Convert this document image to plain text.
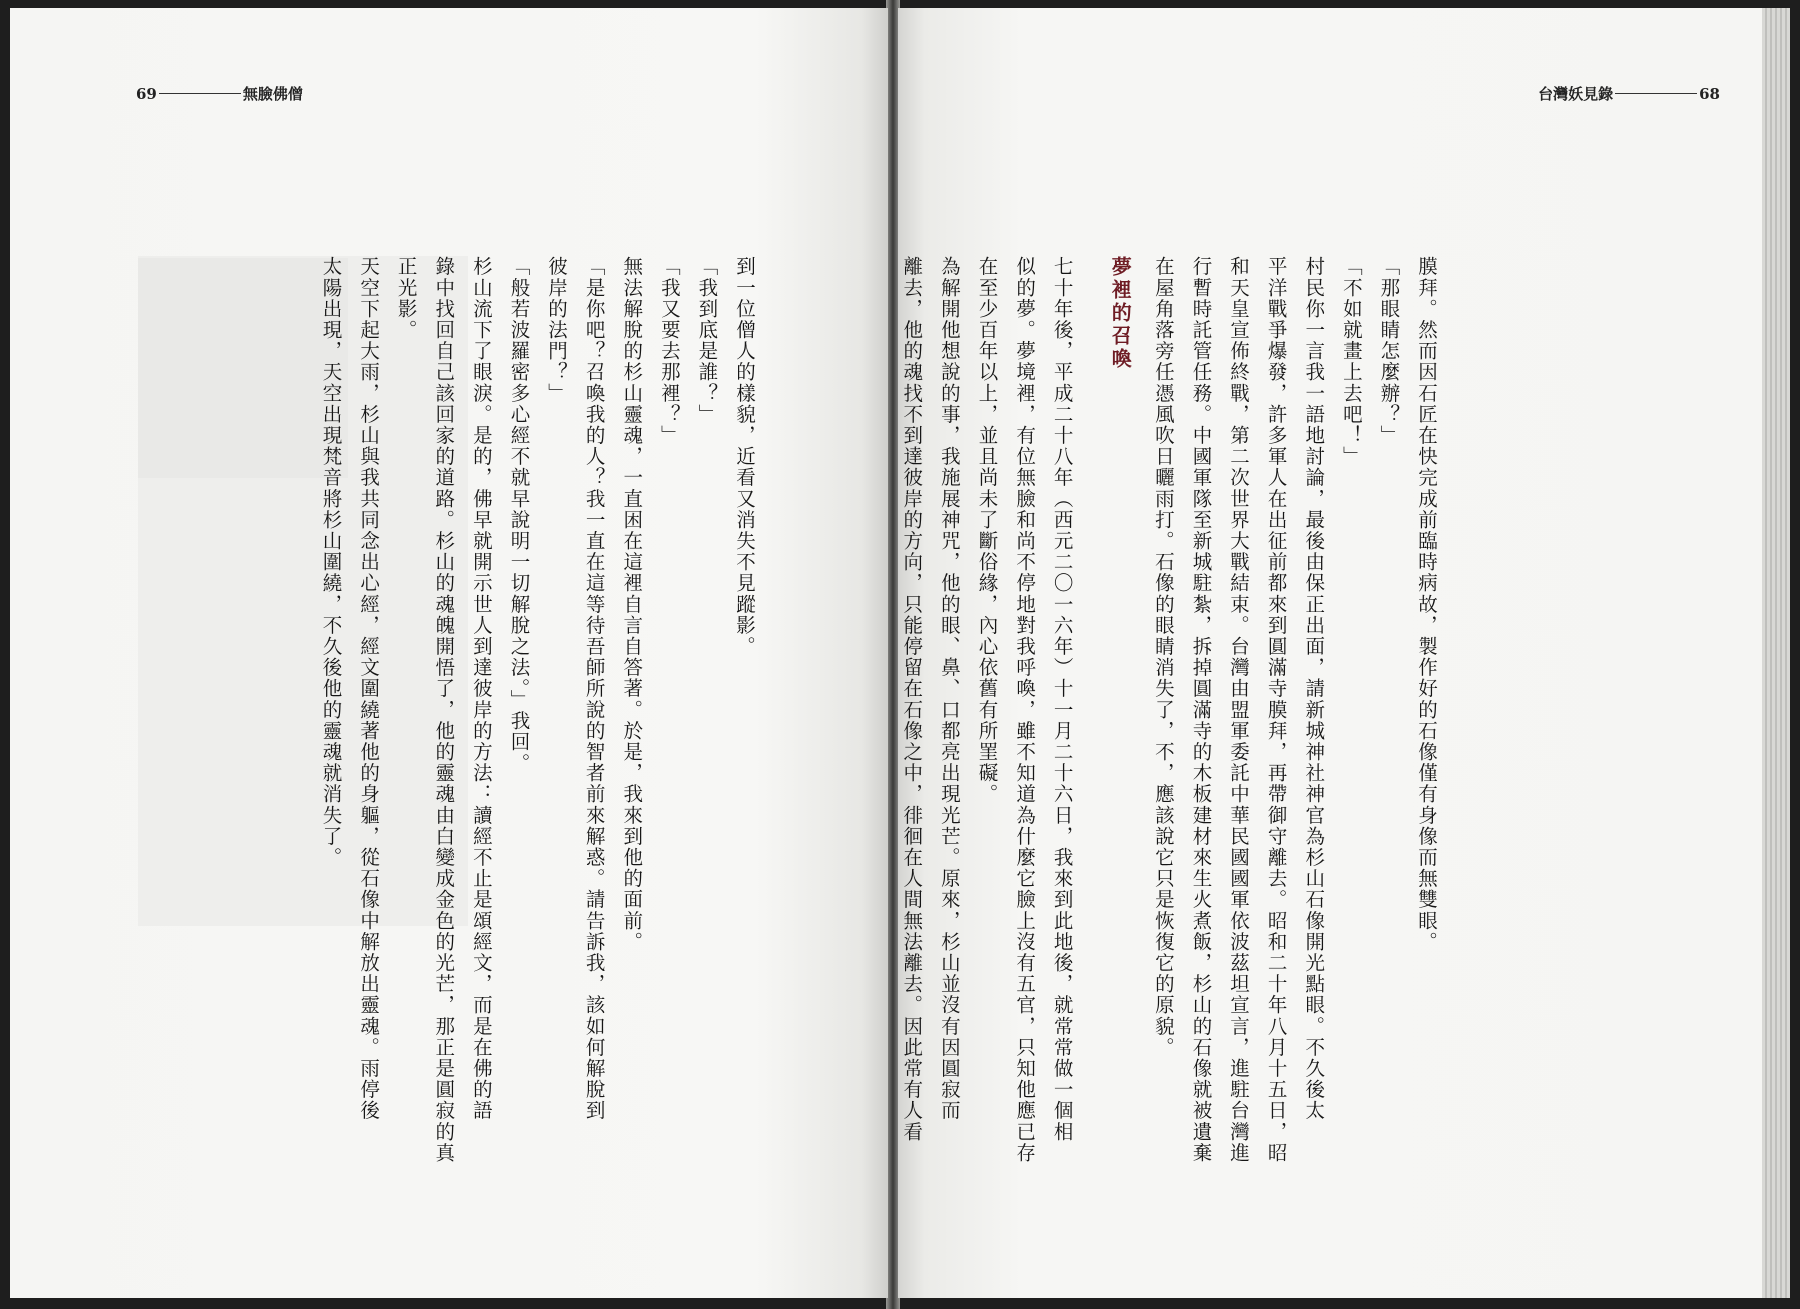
69	無臉佛僧

到一位僧人的樣貌，近看又消失不見蹤影。

「我到底是誰？」

「我又要去那裡？」

無法解脫的杉山靈魂，一直困在這裡自言自答著。於是，我來到他的面前。

「是你吧？召喚我的人？我一直在這等待吾師所說的智者前來解惑。請告訴我，該如何解脫到

彼岸的法門？」

「般若波羅密多心經不就早說明一切解脫之法。」我回。

杉山流下了眼淚。是的，佛早就開示世人到達彼岸的方法：讀經不止是頌經文，而是在佛的語

錄中找回自己該回家的道路。杉山的魂魄開悟了，他的靈魂由白變成金色的光芒，那正是圓寂的真

正光影。

天空下起大雨，杉山與我共同念出心經，經文圍繞著他的身軀，從石像中解放出靈魂。雨停後

太陽出現，天空出現梵音將杉山圍繞，不久後他的靈魂就消失了。

台灣妖見錄	68

膜拜。然而因石匠在快完成前臨時病故，製作好的石像僅有身像而無雙眼。

「那眼睛怎麼辦？」

「不如就畫上去吧！」

村民你一言我一語地討論，最後由保正出面，請新城神社神官為杉山石像開光點眼。不久後太

平洋戰爭爆發，許多軍人在出征前都來到圓滿寺膜拜，再帶御守離去。昭和二十年八月十五日，昭

和天皇宣佈終戰，第二次世界大戰結束。台灣由盟軍委託中華民國國軍依波茲坦宣言，進駐台灣進

行暫時託管任務。中國軍隊至新城駐紮，拆掉圓滿寺的木板建材來生火煮飯，杉山的石像就被遺棄

在屋角落旁任憑風吹日曬雨打。石像的眼睛消失了，不，應該說它只是恢復它的原貌。

夢裡的召喚

七十年後，平成二十八年（西元二〇一六年）十一月二十六日，我來到此地後，就常常做一個相

似的夢。夢境裡，有位無臉和尚不停地對我呼喚，雖不知道為什麼它臉上沒有五官，只知他應已存

在至少百年以上，並且尚未了斷俗緣，內心依舊有所罣礙。

為解開他想說的事，我施展神咒，他的眼、鼻、口都亮出現光芒。原來，杉山並沒有因圓寂而

離去，他的魂找不到達彼岸的方向，只能停留在石像之中，徘徊在人間無法離去。因此常有人看
